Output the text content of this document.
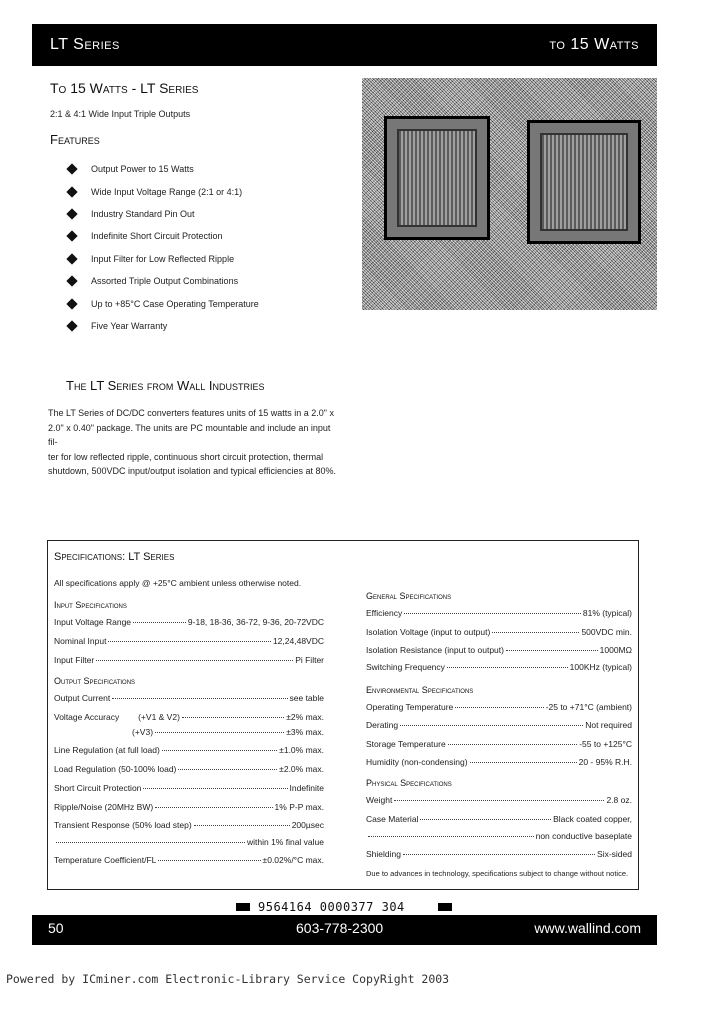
LT Series	to 15 Watts
To 15 Watts - LT Series
2:1 & 4:1 Wide Input Triple Outputs
Features
Output Power to 15 Watts
Wide Input Voltage Range (2:1 or 4:1)
Industry Standard Pin Out
Indefinite Short Circuit Protection
Input Filter for Low Reflected Ripple
Assorted Triple Output Combinations
Up to +85°C Case Operating Temperature
Five Year Warranty
The LT Series from Wall Industries
The LT Series of DC/DC converters features units of 15 watts in a 2.0" x
2.0" x 0.40" package. The units are PC mountable and include an input fil-
ter for low reflected ripple, continuous short circuit protection, thermal
shutdown, 500VDC input/output isolation and typical efficiencies at 80%.
Specifications: LT Series
All specifications apply @ +25°C ambient unless otherwise noted.
Input Specifications
Input Voltage Range	9-18, 18-36, 36-72, 9-36, 20-72VDC
Nominal Input	12,24,48VDC
Input Filter	Pi Filter
Output Specifications
Output Current	see table
Voltage Accuracy        (+V1 & V2)	±2% max.
(+V3)	±3% max.
Line Regulation (at full load)	±1.0% max.
Load Regulation (50-100% load)	±2.0% max.
Short Circuit Protection	Indefinite
Ripple/Noise (20MHz BW)	1% P-P max.
Transient Response (50% load step)	200µsec
within 1% final value
Temperature Coefficient/FL	±0.02%/°C max.
General Specifications
Efficiency	81% (typical)
Isolation Voltage (input to output)	500VDC min.
Isolation Resistance (input to output)	1000MΩ
Switching Frequency	100KHz (typical)
Environmental Specifications
Operating Temperature	-25 to +71°C (ambient)
Derating	Not required
Storage Temperature	-55 to +125°C
Humidity (non-condensing)	20 - 95% R.H.
Physical Specifications
Weight	2.8 oz.
Case Material	Black coated copper,
non conductive baseplate
Shielding	Six-sided
Due to advances in technology, specifications subject to change without notice.
9564164 0000377 304
50	603-778-2300	www.wallind.com
Powered by ICminer.com Electronic-Library Service CopyRight 2003
